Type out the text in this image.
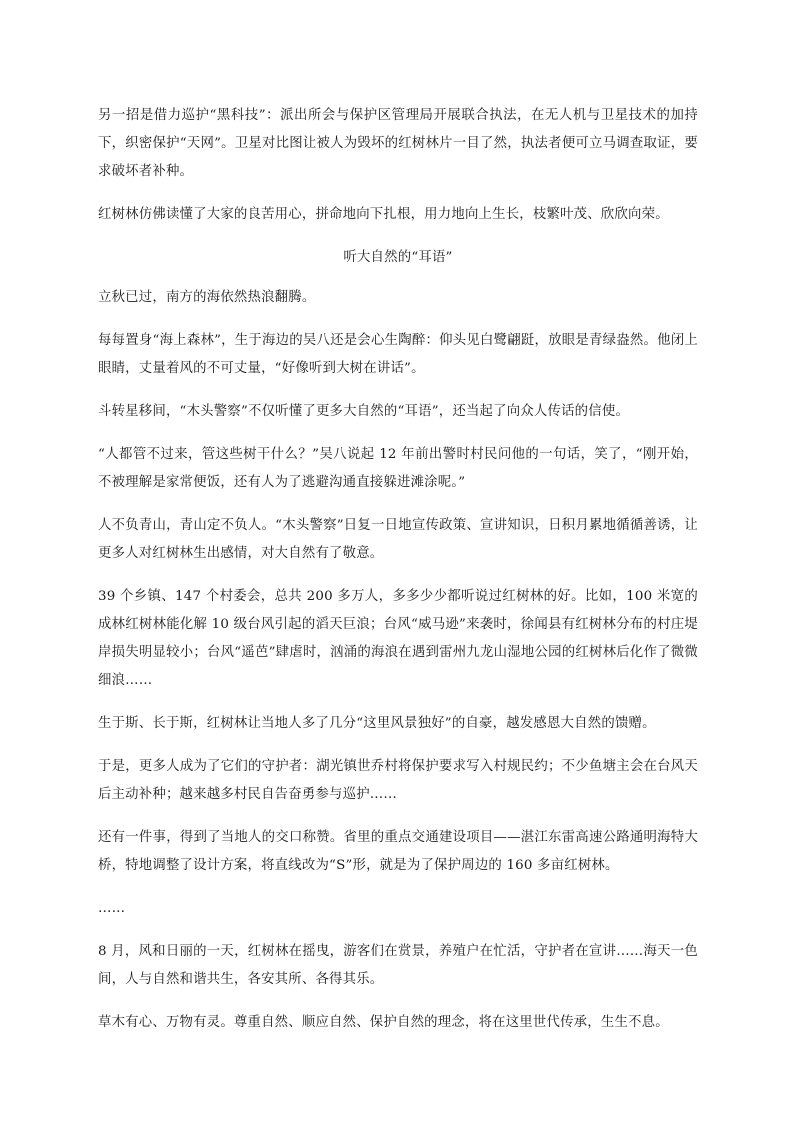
另一招是借力巡护“黑科技”：派出所会与保护区管理局开展联合执法，在无人机与卫星技术的加持下，织密保护“天网”。卫星对比图让被人为毁坏的红树林片一目了然，执法者便可立马调查取证，要求破坏者补种。

红树林仿佛读懂了大家的良苦用心，拼命地向下扎根，用力地向上生长，枝繁叶茂、欣欣向荣。

听大自然的“耳语”

立秋已过，南方的海依然热浪翻腾。

每每置身“海上森林”，生于海边的吴八还是会心生陶醉：仰头见白鹭翩跹，放眼是青绿盎然。他闭上眼睛，丈量着风的不可丈量，“好像听到大树在讲话”。

斗转星移间，“木头警察”不仅听懂了更多大自然的“耳语”，还当起了向众人传话的信使。

“人都管不过来，管这些树干什么？”吴八说起 12 年前出警时村民问他的一句话，笑了，“刚开始，不被理解是家常便饭，还有人为了逃避沟通直接躲进滩涂呢。”

人不负青山，青山定不负人。“木头警察”日复一日地宣传政策、宣讲知识，日积月累地循循善诱，让更多人对红树林生出感情，对大自然有了敬意。

39 个乡镇、147 个村委会，总共 200 多万人，多多少少都听说过红树林的好。比如，100 米宽的成林红树林能化解 10 级台风引起的滔天巨浪；台风“威马逊”来袭时，徐闻县有红树林分布的村庄堤岸损失明显较小；台风“遥芭”肆虐时，汹涌的海浪在遇到雷州九龙山湿地公园的红树林后化作了微微细浪……

生于斯、长于斯，红树林让当地人多了几分“这里风景独好”的自豪，越发感恩大自然的馈赠。

于是，更多人成为了它们的守护者：湖光镇世乔村将保护要求写入村规民约；不少鱼塘主会在台风天后主动补种；越来越多村民自告奋勇参与巡护……

还有一件事，得到了当地人的交口称赞。省里的重点交通建设项目——湛江东雷高速公路通明海特大桥，特地调整了设计方案，将直线改为“S”形，就是为了保护周边的 160 多亩红树林。

……

8 月，风和日丽的一天，红树林在摇曳，游客们在赏景，养殖户在忙活，守护者在宣讲……海天一色间，人与自然和谐共生，各安其所、各得其乐。

草木有心、万物有灵。尊重自然、顺应自然、保护自然的理念，将在这里世代传承，生生不息。
